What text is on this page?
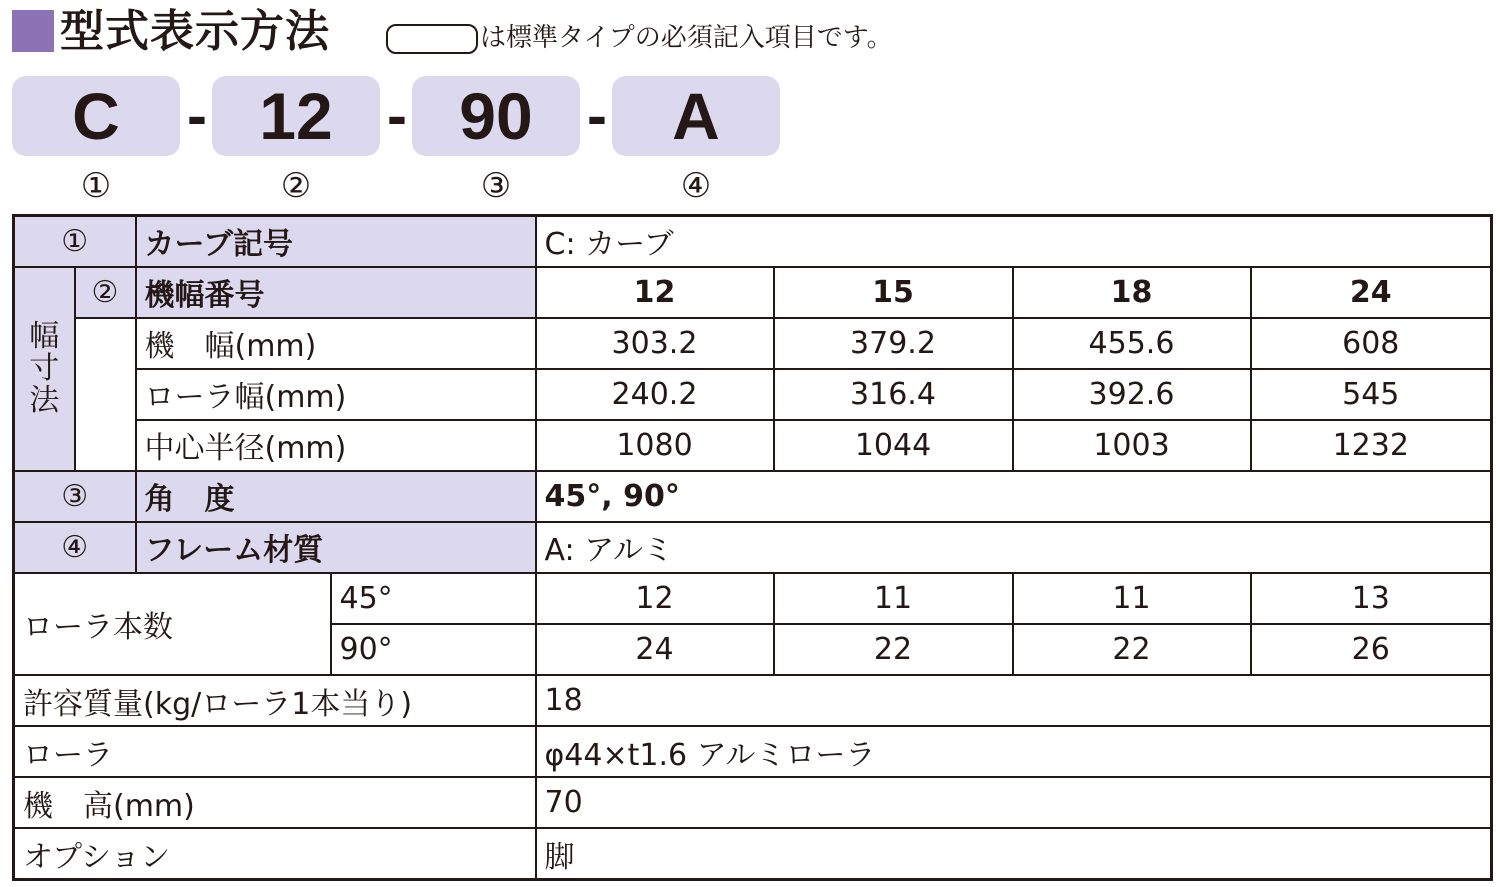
型式表示方法	は標準タイプの必須記入項目です。
C	- 12 - 90 - A
①	②	③	④
①		カーブ記号		C: カーブ			

幅
寸
法	②	機幅番号		12	15	18	24
		機　幅(mm)		303.2	379.2	455.6	608
		ローラ幅(mm)		240.2	316.4	392.6	545
		中心半径(mm)		1080	1044	1003	1232
③		角　度		45°, 90°			
④		フレーム材質		A: アルミ			
ローラ本数			45°	12	11	11	13
			90°	24	22	22	26
許容質量(kg/ローラ1本当り)				18			
ローラ				φ44×t1.6 アルミローラ			
機　高(mm)				70			
オプション				脚			
